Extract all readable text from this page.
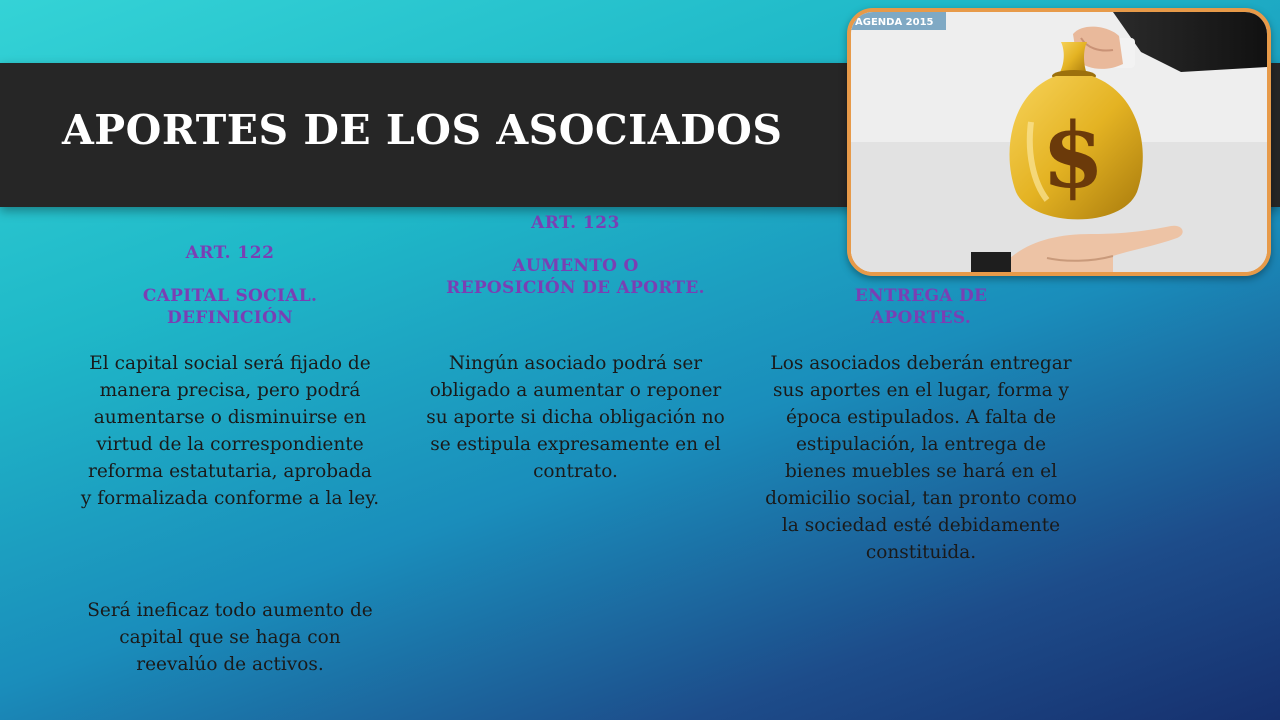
APORTES DE LOS ASOCIADOS
ART. 122
CAPITAL SOCIAL. DEFINICIÓN
El capital social será fijado de manera precisa, pero podrá aumentarse o disminuirse en virtud de la correspondiente reforma estatutaria, aprobada y formalizada conforme a la ley.
Será ineficaz todo aumento de capital que se haga con reevalúo de activos.
ART. 123
AUMENTO O REPOSICIÓN DE APORTE.
Ningún asociado podrá ser obligado a aumentar o reponer su aporte si dicha obligación no se estipula expresamente en el contrato.
ENTREGA DE APORTES.
Los asociados deberán entregar sus aportes en el lugar, forma y época estipulados. A falta de estipulación, la entrega de bienes muebles se hará en el domicilio social, tan pronto como la sociedad esté debidamente constituida.
AGENDA 2015
$
